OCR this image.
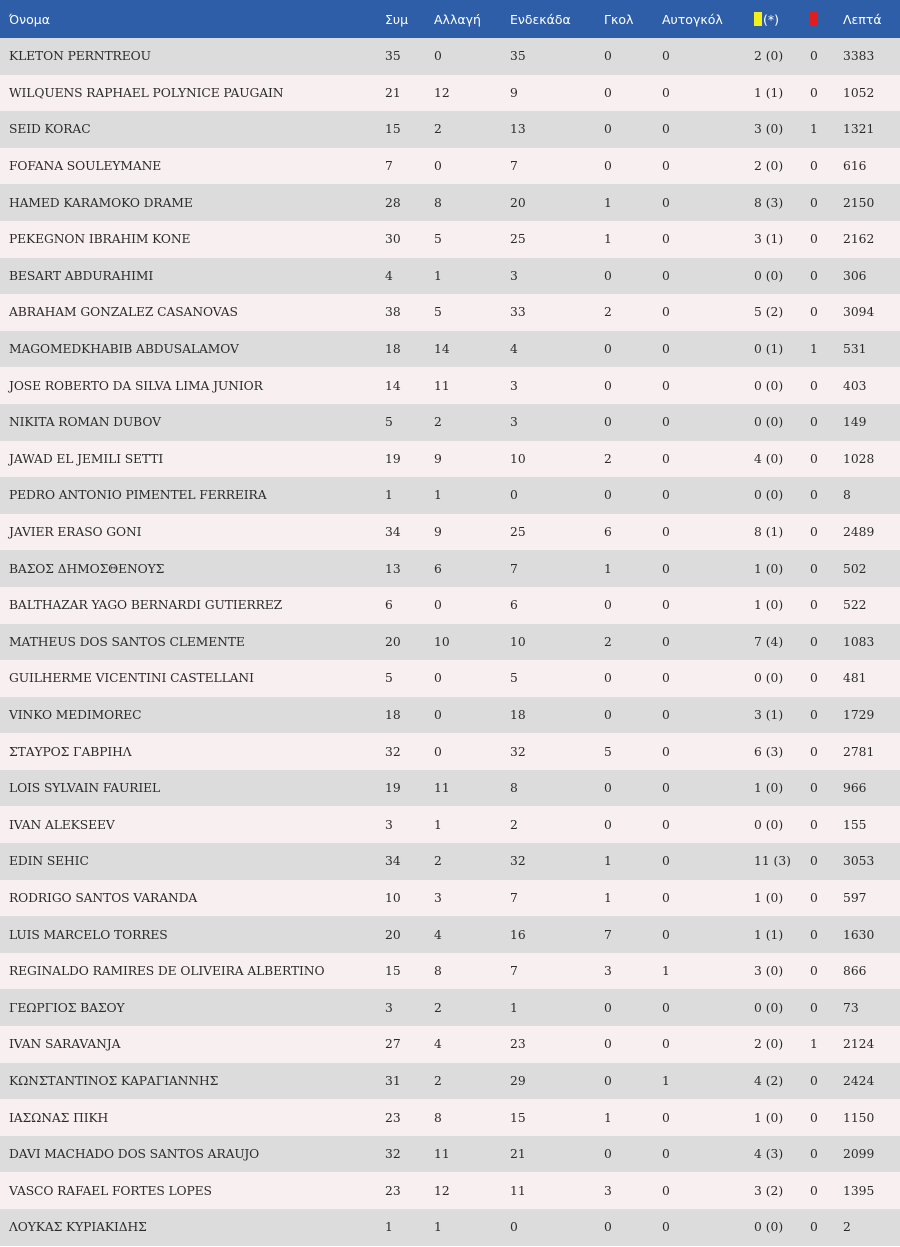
Όνομα	Συμ	Αλλαγή	Ενδεκάδα	Γκολ	Αυτογκόλ	(*)		Λεπτά
KLETON PERNTREOU	35	0	35	0	0	2 (0)	0	3383
WILQUENS RAPHAEL POLYNICE PAUGAIN	21	12	9	0	0	1 (1)	0	1052
SEID KORAC	15	2	13	0	0	3 (0)	1	1321
FOFANA SOULEYMANE	7	0	7	0	0	2 (0)	0	616
HAMED KARAMOKO DRAME	28	8	20	1	0	8 (3)	0	2150
PEKEGNON IBRAHIM KONE	30	5	25	1	0	3 (1)	0	2162
BESART ABDURAHIMI	4	1	3	0	0	0 (0)	0	306
ABRAHAM GONZALEZ CASANOVAS	38	5	33	2	0	5 (2)	0	3094
MAGOMEDKHABIB ABDUSALAMOV	18	14	4	0	0	0 (1)	1	531
JOSE ROBERTO DA SILVA LIMA JUNIOR	14	11	3	0	0	0 (0)	0	403
NIKITA ROMAN DUBOV	5	2	3	0	0	0 (0)	0	149
JAWAD EL JEMILI SETTI	19	9	10	2	0	4 (0)	0	1028
PEDRO ANTONIO PIMENTEL FERREIRA	1	1	0	0	0	0 (0)	0	8
JAVIER ERASO GONI	34	9	25	6	0	8 (1)	0	2489
ΒΑΣΟΣ ΔΗΜΟΣΘΕΝΟΥΣ	13	6	7	1	0	1 (0)	0	502
BALTHAZAR YAGO BERNARDI GUTIERREZ	6	0	6	0	0	1 (0)	0	522
MATHEUS DOS SANTOS CLEMENTE	20	10	10	2	0	7 (4)	0	1083
GUILHERME VICENTINI CASTELLANI	5	0	5	0	0	0 (0)	0	481
VINKO MEDIMOREC	18	0	18	0	0	3 (1)	0	1729
ΣΤΑΥΡΟΣ ΓΑΒΡΙΗΛ	32	0	32	5	0	6 (3)	0	2781
LOIS SYLVAIN FAURIEL	19	11	8	0	0	1 (0)	0	966
IVAN ALEKSEEV	3	1	2	0	0	0 (0)	0	155
EDIN SEHIC	34	2	32	1	0	11 (3)	0	3053
RODRIGO SANTOS VARANDA	10	3	7	1	0	1 (0)	0	597
LUIS MARCELO TORRES	20	4	16	7	0	1 (1)	0	1630
REGINALDO RAMIRES DE OLIVEIRA ALBERTINO	15	8	7	3	1	3 (0)	0	866
ΓΕΩΡΓΙΟΣ ΒΑΣΟΥ	3	2	1	0	0	0 (0)	0	73
IVAN SARAVANJA	27	4	23	0	0	2 (0)	1	2124
ΚΩΝΣΤΑΝΤΙΝΟΣ ΚΑΡΑΓΙΑΝΝΗΣ	31	2	29	0	1	4 (2)	0	2424
ΙΑΣΩΝΑΣ ΠΙΚΗ	23	8	15	1	0	1 (0)	0	1150
DAVI MACHADO DOS SANTOS ARAUJO	32	11	21	0	0	4 (3)	0	2099
VASCO RAFAEL FORTES LOPES	23	12	11	3	0	3 (2)	0	1395
ΛΟΥΚΑΣ ΚΥΡΙΑΚΙΔΗΣ	1	1	0	0	0	0 (0)	0	2
